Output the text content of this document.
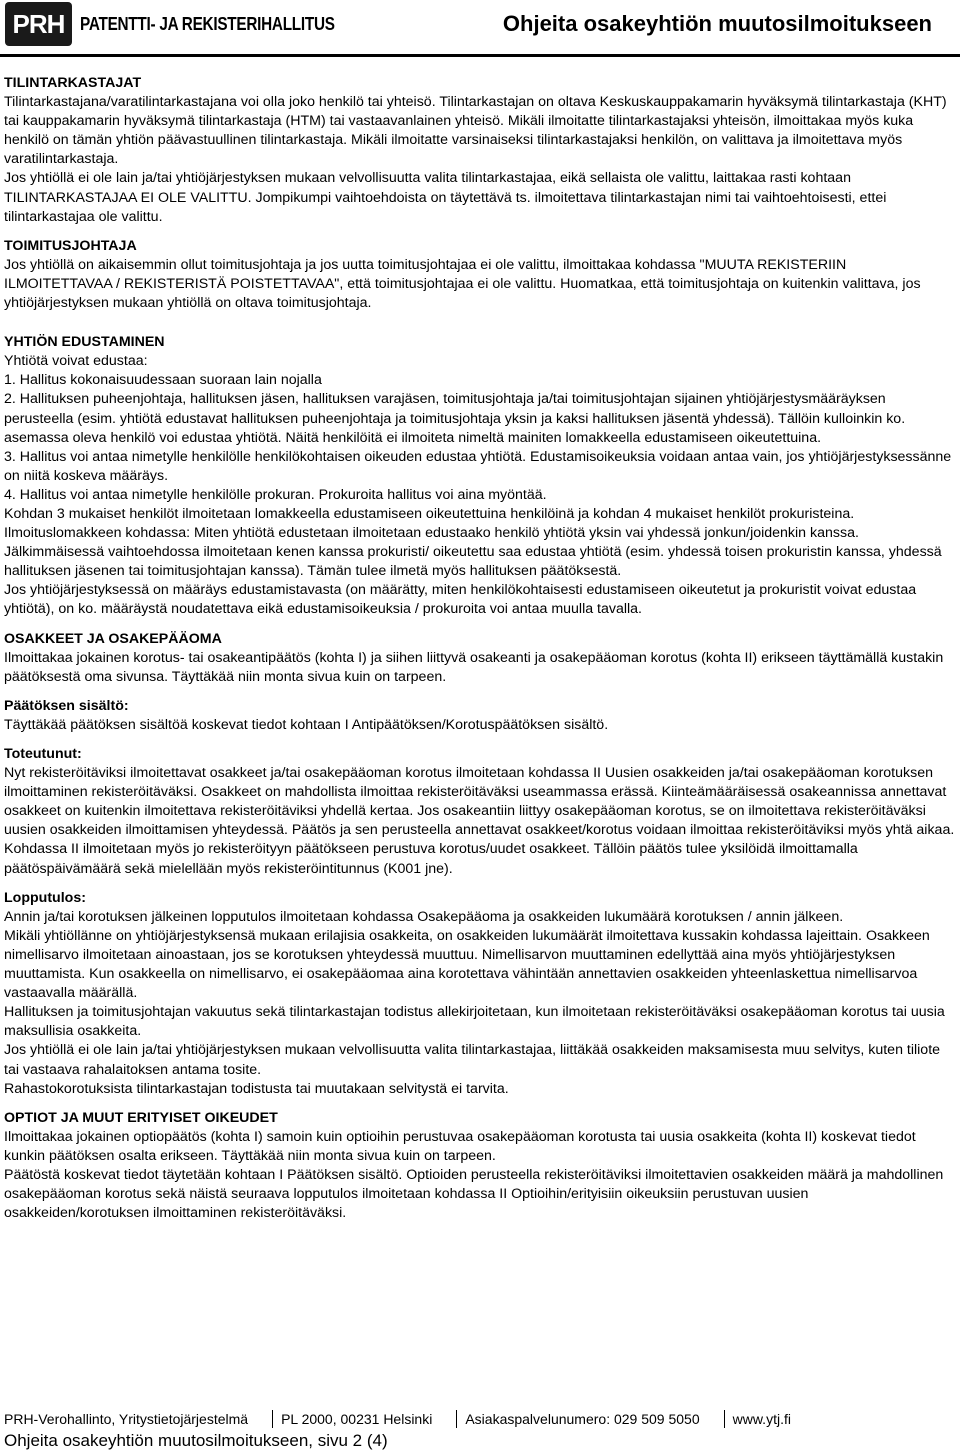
PRH PATENTTI- JA REKISTERIHALLITUS	Ohjeita osakeyhtiön muutosilmoitukseen
TILINTARKASTAJAT
Tilintarkastajana/varatilintarkastajana voi olla joko henkilö tai yhteisö. Tilintarkastajan on oltava Keskuskauppakamarin hyväksymä tilintarkastaja (KHT) tai kauppakamarin hyväksymä tilintarkastaja (HTM) tai vastaavanlainen yhteisö. Mikäli ilmoitatte tilintarkastajaksi yhteisön, ilmoittakaa myös kuka henkilö on tämän yhtiön päävastuullinen tilintarkastaja. Mikäli ilmoitatte varsinaiseksi tilintarkastajaksi henkilön, on valittava ja ilmoitettava myös varatilintarkastaja.
Jos yhtiöllä ei ole lain ja/tai yhtiöjärjestyksen mukaan velvollisuutta valita tilintarkastajaa, eikä sellaista ole valittu, laittakaa rasti kohtaan TILINTARKASTAJAA EI OLE VALITTU. Jompikumpi vaihtoehdoista on täytettävä ts. ilmoitettava tilintarkastajan nimi tai vaihtoehtoisesti, ettei tilintarkastajaa ole valittu.
TOIMITUSJOHTAJA
Jos yhtiöllä on aikaisemmin ollut toimitusjohtaja ja jos uutta toimitusjohtajaa ei ole valittu, ilmoittakaa kohdassa "MUUTA REKISTERIIN ILMOITETTAVAA / REKISTERISTÄ POISTETTAVAA", että toimitusjohtajaa ei ole valittu. Huomatkaa, että toimitusjohtaja on kuitenkin valittava, jos yhtiöjärjestyksen mukaan yhtiöllä on oltava toimitusjohtaja.
YHTIÖN EDUSTAMINEN
Yhtiötä voivat edustaa:
1. Hallitus kokonaisuudessaan suoraan lain nojalla
2. Hallituksen puheenjohtaja, hallituksen jäsen, hallituksen varajäsen, toimitusjohtaja ja/tai toimitusjohtajan sijainen yhtiöjärjestysmääräyksen perusteella (esim. yhtiötä edustavat hallituksen puheenjohtaja ja toimitusjohtaja yksin ja kaksi hallituksen jäsentä yhdessä). Tällöin kulloinkin ko. asemassa oleva henkilö voi edustaa yhtiötä. Näitä henkilöitä ei ilmoiteta nimeltä mainiten lomakkeella edustamiseen oikeutettuina.
3. Hallitus voi antaa nimetylle henkilölle henkilökohtaisen oikeuden edustaa yhtiötä. Edustamisoikeuksia voidaan antaa vain, jos yhtiöjärjestyksessänne on niitä koskeva määräys.
4. Hallitus voi antaa nimetylle henkilölle prokuran. Prokuroita hallitus voi aina myöntää.
Kohdan 3 mukaiset henkilöt ilmoitetaan lomakkeella edustamiseen oikeutettuina henkilöinä ja kohdan 4 mukaiset henkilöt prokuristeina.
Ilmoituslomakkeen kohdassa: Miten yhtiötä edustetaan ilmoitetaan edustaako henkilö yhtiötä yksin vai yhdessä jonkun/joidenkin kanssa. Jälkimmäisessä vaihtoehdossa ilmoitetaan kenen kanssa prokuristi/ oikeutettu saa edustaa yhtiötä (esim. yhdessä toisen prokuristin kanssa, yhdessä hallituksen jäsenen tai toimitusjohtajan kanssa). Tämän tulee ilmetä myös hallituksen päätöksestä.
Jos yhtiöjärjestyksessä on määräys edustamistavasta (on määrätty, miten henkilökohtaisesti edustamiseen oikeutetut ja prokuristit voivat edustaa yhtiötä), on ko. määräystä noudatettava eikä edustamisoikeuksia / prokuroita voi antaa muulla tavalla.
OSAKKEET JA OSAKEPÄÄOMA
Ilmoittakaa jokainen korotus- tai osakeantipäätös (kohta I) ja siihen liittyvä osakeanti ja osakepääoman korotus (kohta II) erikseen täyttämällä kustakin päätöksestä oma sivunsa. Täyttäkää niin monta sivua kuin on tarpeen.
Päätöksen sisältö:
Täyttäkää päätöksen sisältöä koskevat tiedot kohtaan I Antipäätöksen/Korotuspäätöksen sisältö.
Toteutunut:
Nyt rekisteröitäviksi ilmoitettavat osakkeet ja/tai osakepääoman korotus ilmoitetaan kohdassa II Uusien osakkeiden ja/tai osakepääoman korotuksen ilmoittaminen rekisteröitäväksi. Osakkeet on mahdollista ilmoittaa rekisteröitäväksi useammassa erässä. Kiinteämääräisessä osakeannissa annettavat osakkeet on kuitenkin ilmoitettava rekisteröitäviksi yhdellä kertaa. Jos osakeantiin liittyy osakepääoman korotus, se on ilmoitettava rekisteröitäväksi uusien osakkeiden ilmoittamisen yhteydessä. Päätös ja sen perusteella annettavat osakkeet/korotus voidaan ilmoittaa rekisteröitäviksi myös yhtä aikaa. Kohdassa II ilmoitetaan myös jo rekisteröityyn päätökseen perustuva korotus/uudet osakkeet. Tällöin päätös tulee yksilöidä ilmoittamalla päätöspäivämäärä sekä mielellään myös rekisteröintitunnus (K001 jne).
Lopputulos:
Annin ja/tai korotuksen jälkeinen lopputulos ilmoitetaan kohdassa Osakepääoma ja osakkeiden lukumäärä korotuksen / annin jälkeen.
Mikäli yhtiöllänne on yhtiöjärjestyksensä mukaan erilajisia osakkeita, on osakkeiden lukumäärät ilmoitettava kussakin kohdassa lajeittain. Osakkeen nimellisarvo ilmoitetaan ainoastaan, jos se korotuksen yhteydessä muuttuu. Nimellisarvon muuttaminen edellyttää aina myös yhtiöjärjestyksen muuttamista. Kun osakkeella on nimellisarvo, ei osakepääomaa aina korotettava vähintään annettavien osakkeiden yhteenlaskettua nimellisarvoa vastaavalla määrällä.
Hallituksen ja toimitusjohtajan vakuutus sekä tilintarkastajan todistus allekirjoitetaan, kun ilmoitetaan rekisteröitäväksi osakepääoman korotus tai uusia maksullisia osakkeita.
Jos yhtiöllä ei ole lain ja/tai yhtiöjärjestyksen mukaan velvollisuutta valita tilintarkastajaa, liittäkää osakkeiden maksamisesta muu selvitys, kuten tiliote tai vastaava rahalaitoksen antama tosite.
Rahastokorotuksista tilintarkastajan todistusta tai muutakaan selvitystä ei tarvita.
OPTIOT JA MUUT ERITYISET OIKEUDET
Ilmoittakaa jokainen optiopäätös (kohta I) samoin kuin optioihin perustuvaa osakepääoman korotusta tai uusia osakkeita (kohta II) koskevat tiedot kunkin päätöksen osalta erikseen. Täyttäkää niin monta sivua kuin on tarpeen.
Päätöstä koskevat tiedot täytetään kohtaan I Päätöksen sisältö. Optioiden perusteella rekisteröitäviksi ilmoitettavien osakkeiden määrä ja mahdollinen osakepääoman korotus sekä näistä seuraava lopputulos ilmoitetaan kohdassa II Optioihin/erityisiin oikeuksiin perustuvan uusien osakkeiden/korotuksen ilmoittaminen rekisteröitäväksi.
PRH-Verohallinto, Yritystietojärjestelmä	PL 2000, 00231 Helsinki	Asiakaspalvelunumero: 029 509 5050	www.ytj.fi
Ohjeita osakeyhtiön muutosilmoitukseen, sivu 2 (4)
